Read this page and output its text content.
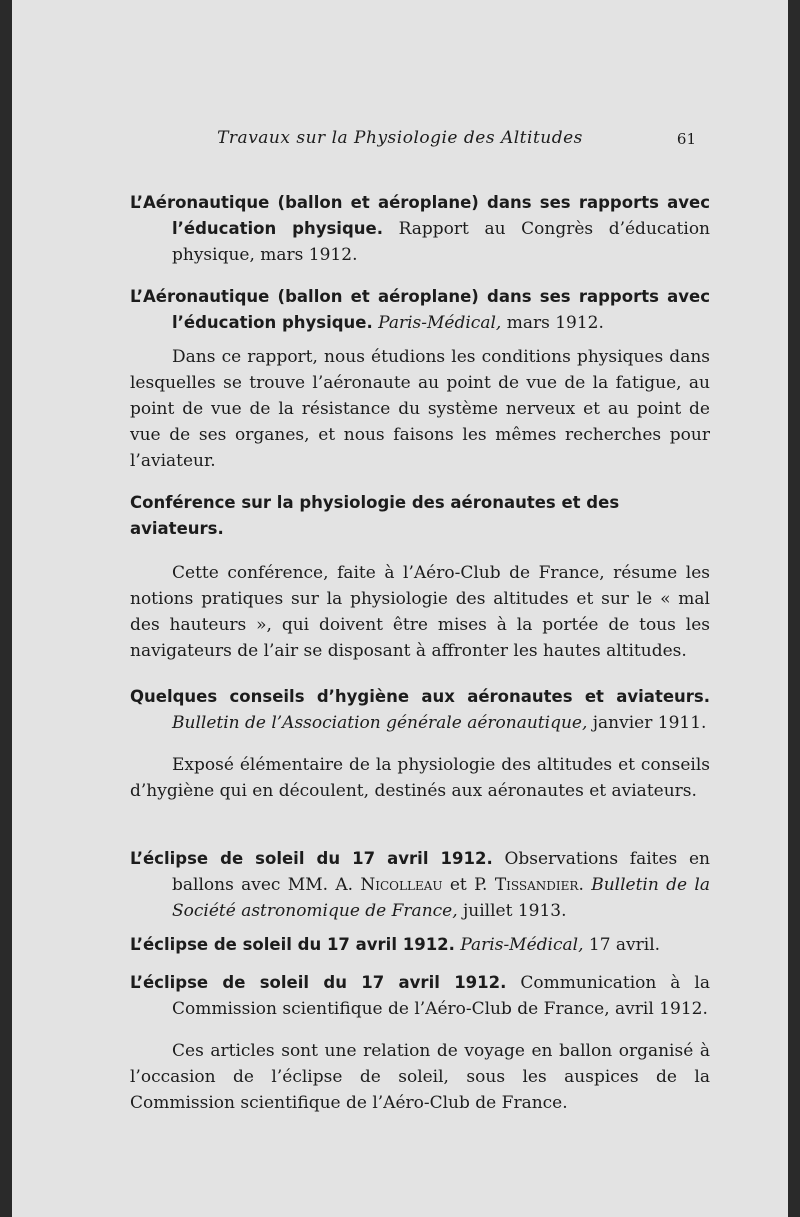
Travaux sur la Physiologie des Altitudes	61

L’Aéronautique (ballon et aéroplane) dans ses rapports avec l’éducation physique. Rapport au Congrès d’éducation physique, mars 1912.

L’Aéronautique (ballon et aéroplane) dans ses rapports avec l’éducation physique. Paris-Médical, mars 1912.

Dans ce rapport, nous étudions les conditions physiques dans lesquelles se trouve l’aéronaute au point de vue de la fatigue, au point de vue de la résistance du système nerveux et au point de vue de ses organes, et nous faisons les mêmes recherches pour l’aviateur.

Conférence sur la physiologie des aéronautes et des aviateurs.

Cette conférence, faite à l’Aéro-Club de France, résume les notions pratiques sur la physiologie des altitudes et sur le « mal des hauteurs », qui doivent être mises à la portée de tous les navigateurs de l’air se disposant à affronter les hautes altitudes.

Quelques conseils d’hygiène aux aéronautes et aviateurs. Bulletin de l’Association générale aéronautique, janvier 1911.

Exposé élémentaire de la physiologie des altitudes et conseils d’hygiène qui en découlent, destinés aux aéronautes et aviateurs.

L’éclipse de soleil du 17 avril 1912. Observations faites en ballons avec MM. A. Nicolleau et P. Tissandier. Bulletin de la Société astronomique de France, juillet 1913.

L’éclipse de soleil du 17 avril 1912. Paris-Médical, 17 avril.

L’éclipse de soleil du 17 avril 1912. Communication à la Commission scientifique de l’Aéro-Club de France, avril 1912.

Ces articles sont une relation de voyage en ballon organisé à l’occasion de l’éclipse de soleil, sous les auspices de la Commission scientifique de l’Aéro-Club de France.
